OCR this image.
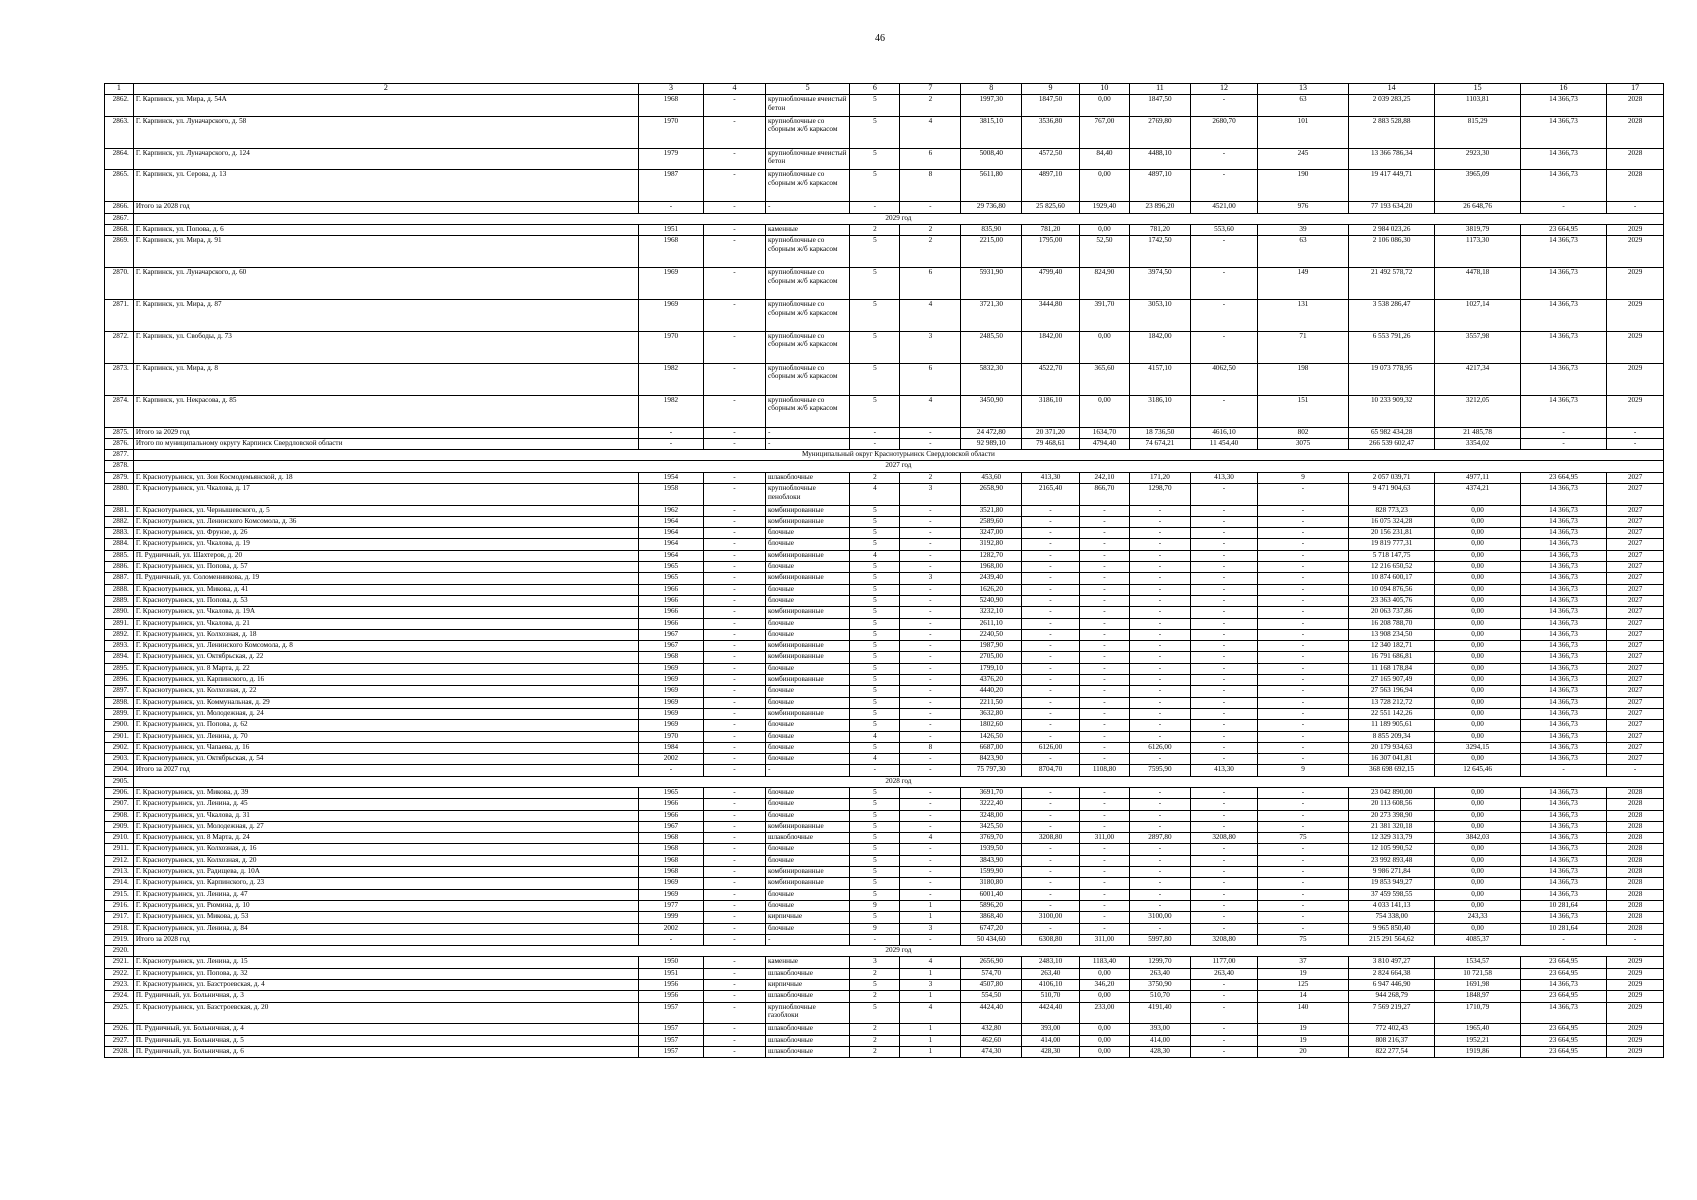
46
1	2	3	4	5	6	7	8	9	10	11	12	13	14	15	16	17
2862.	Г. Карпинск, ул. Мира, д. 54А	1968	-	крупноблочные ячеистый бетон	5	2	1997,30	1847,50	0,00	1847,50	-	63	2 039 283,25	1103,81	14 366,73	2028
2863.	Г. Карпинск, ул. Луначарского, д. 58	1970	-	крупноблочные со сборным ж/б каркасом	5	4	3815,10	3536,80	767,00	2769,80	2680,70	101	2 883 528,88	815,29	14 366,73	2028
2864.	Г. Карпинск, ул. Луначарского, д. 124	1979	-	крупноблочные ячеистый бетон	5	6	5008,40	4572,50	84,40	4488,10	-	245	13 366 786,34	2923,30	14 366,73	2028
2865.	Г. Карпинск, ул. Серова, д. 13	1987	-	крупноблочные со сборным ж/б каркасом	5	8	5611,80	4897,10	0,00	4897,10	-	190	19 417 449,71	3965,09	14 366,73	2028
2866.	Итого за 2028 год	-	-	-	-	-	29 736,80	25 825,60	1929,40	23 896,20	4521,00	976	77 193 634,20	26 648,76	-	-
2867.	2029 год															
2868.	Г. Карпинск, ул. Попова, д. 6	1951	-	каменные	2	2	835,90	781,20	0,00	781,20	553,60	39	2 984 023,26	3819,79	23 664,95	2029
2869.	Г. Карпинск, ул. Мира, д. 91	1968	-	крупноблочные со сборным ж/б каркасом	5	2	2215,00	1795,00	52,50	1742,50	-	63	2 106 086,30	1173,30	14 366,73	2029
2870.	Г. Карпинск, ул. Луначарского, д. 60	1969	-	крупноблочные со сборным ж/б каркасом	5	6	5931,90	4799,40	824,90	3974,50	-	149	21 492 578,72	4478,18	14 366,73	2029
2871.	Г. Карпинск, ул. Мира, д. 87	1969	-	крупноблочные со сборным ж/б каркасом	5	4	3721,30	3444,80	391,70	3053,10	-	131	3 538 286,47	1027,14	14 366,73	2029
2872.	Г. Карпинск, ул. Свободы, д. 73	1970	-	крупноблочные со сборным ж/б каркасом	5	3	2485,50	1842,00	0,00	1842,00	-	71	6 553 791,26	3557,98	14 366,73	2029
2873.	Г. Карпинск, ул. Мира, д. 8	1982	-	крупноблочные со сборным ж/б каркасом	5	6	5832,30	4522,70	365,60	4157,10	4062,50	198	19 073 778,95	4217,34	14 366,73	2029
2874.	Г. Карпинск, ул. Некрасова, д. 85	1982	-	крупноблочные со сборным ж/б каркасом	5	4	3450,90	3186,10	0,00	3186,10	-	151	10 233 909,32	3212,05	14 366,73	2029
2875.	Итого за 2029 год	-	-	-	-	-	24 472,80	20 371,20	1634,70	18 736,50	4616,10	802	65 982 434,28	21 485,78	-	-
2876.	Итого по муниципальному округу Карпинск Свердловской области	-	-	-	-	-	92 989,10	79 468,61	4794,40	74 674,21	11 454,40	3075	266 539 602,47	3354,02	-	-
2877.	Муниципальный округ Краснотурьинск Свердловской области															
2878.	2027 год															
2879.	Г. Краснотурьинск, ул. Зои Космодемьянской, д. 18	1954	-	шлакоблочные	2	2	453,60	413,30	242,10	171,20	413,30	9	2 057 039,71	4977,11	23 664,95	2027
2880.	Г. Краснотурьинск, ул. Чкалова, д. 17	1958	-	крупноблочные пеноблоки	4	3	2658,90	2165,40	866,70	1298,70	-	-	9 471 904,63	4374,21	14 366,73	2027
2881.	Г. Краснотурьинск, ул. Чернышевского, д. 5	1962	-	комбинированные	5	-	3521,80	-	-	-	-	-	828 773,23	0,00	14 366,73	2027
2882.	Г. Краснотурьинск, ул. Ленинского Комсомола, д. 36	1964	-	комбинированные	5	-	2589,60	-	-	-	-	-	16 075 324,28	0,00	14 366,73	2027
2883.	Г. Краснотурьинск, ул. Фрунзе, д. 26	1964	-	блочные	5	-	3247,00	-	-	-	-	-	20 156 231,81	0,00	14 366,73	2027
2884.	Г. Краснотурьинск, ул. Чкалова, д. 19	1964	-	блочные	5	-	3192,80	-	-	-	-	-	19 819 777,31	0,00	14 366,73	2027
2885.	П. Рудничный, ул. Шахтеров, д. 20	1964	-	комбинированные	4	-	1282,70	-	-	-	-	-	5 718 147,75	0,00	14 366,73	2027
2886.	Г. Краснотурьинск, ул. Попова, д. 57	1965	-	блочные	5	-	1968,00	-	-	-	-	-	12 216 650,52	0,00	14 366,73	2027
2887.	П. Рудничный, ул. Соломенникова, д. 19	1965	-	комбинированные	5	3	2439,40	-	-	-	-	-	10 874 600,17	0,00	14 366,73	2027
2888.	Г. Краснотурьинск, ул. Микова, д. 41	1966	-	блочные	5	-	1626,20	-	-	-	-	-	10 094 876,56	0,00	14 366,73	2027
2889.	Г. Краснотурьинск, ул. Попова, д. 53	1966	-	блочные	5	-	5240,90	-	-	-	-	-	23 363 405,76	0,00	14 366,73	2027
2890.	Г. Краснотурьинск, ул. Чкалова, д. 19А	1966	-	комбинированные	5	-	3232,10	-	-	-	-	-	20 063 737,86	0,00	14 366,73	2027
2891.	Г. Краснотурьинск, ул. Чкалова, д. 21	1966	-	блочные	5	-	2611,10	-	-	-	-	-	16 208 788,70	0,00	14 366,73	2027
2892.	Г. Краснотурьинск, ул. Колхозная, д. 18	1967	-	блочные	5	-	2240,50	-	-	-	-	-	13 908 234,50	0,00	14 366,73	2027
2893.	Г. Краснотурьинск, ул. Ленинского Комсомола, д. 8	1967	-	комбинированные	5	-	1987,90	-	-	-	-	-	12 340 182,71	0,00	14 366,73	2027
2894.	Г. Краснотурьинск, ул. Октябрьская, д. 22	1968	-	комбинированные	5	-	2705,00	-	-	-	-	-	16 791 686,81	0,00	14 366,73	2027
2895.	Г. Краснотурьинск, ул. 8 Марта, д. 22	1969	-	блочные	5	-	1799,10	-	-	-	-	-	11 168 178,84	0,00	14 366,73	2027
2896.	Г. Краснотурьинск, ул. Карпинского, д. 16	1969	-	комбинированные	5	-	4376,20	-	-	-	-	-	27 165 907,49	0,00	14 366,73	2027
2897.	Г. Краснотурьинск, ул. Колхозная, д. 22	1969	-	блочные	5	-	4440,20	-	-	-	-	-	27 563 196,94	0,00	14 366,73	2027
2898.	Г. Краснотурьинск, ул. Коммунальная, д. 29	1969	-	блочные	5	-	2211,50	-	-	-	-	-	13 728 212,72	0,00	14 366,73	2027
2899.	Г. Краснотурьинск, ул. Молодежная, д. 24	1969	-	комбинированные	5	-	3632,80	-	-	-	-	-	22 551 142,26	0,00	14 366,73	2027
2900.	Г. Краснотурьинск, ул. Попова, д. 62	1969	-	блочные	5	-	1802,60	-	-	-	-	-	11 189 905,61	0,00	14 366,73	2027
2901.	Г. Краснотурьинск, ул. Ленина, д. 70	1970	-	блочные	4	-	1426,50	-	-	-	-	-	8 855 209,34	0,00	14 366,73	2027
2902.	Г. Краснотурьинск, ул. Чапаева, д. 16	1984	-	блочные	5	8	6687,00	6126,00	-	6126,00	-	-	20 179 934,63	3294,15	14 366,73	2027
2903.	Г. Краснотурьинск, ул. Октябрьская, д. 54	2002	-	блочные	4	-	8423,90	-	-	-	-	-	16 307 041,81	0,00	14 366,73	2027
2904.	Итого за 2027 год	-	-	-	-	-	75 797,30	8704,70	1108,80	7595,90	413,30	9	368 698 692,15	12 645,46	-	-
2905.	2028 год															
2906.	Г. Краснотурьинск, ул. Микова, д. 39	1965	-	блочные	5	-	3691,70	-	-	-	-	-	23 042 890,00	0,00	14 366,73	2028
2907.	Г. Краснотурьинск, ул. Ленина, д. 45	1966	-	блочные	5	-	3222,40	-	-	-	-	-	20 113 608,56	0,00	14 366,73	2028
2908.	Г. Краснотурьинск, ул. Чкалова, д. 31	1966	-	блочные	5	-	3248,00	-	-	-	-	-	20 273 398,90	0,00	14 366,73	2028
2909.	Г. Краснотурьинск, ул. Молодежная, д. 27	1967	-	комбинированные	5	-	3425,50	-	-	-	-	-	21 381 320,18	0,00	14 366,73	2028
2910.	Г. Краснотурьинск, ул. 8 Марта, д. 24	1968	-	шлакоблочные	5	4	3769,70	3208,80	311,00	2897,80	3208,80	75	12 329 313,79	3842,03	14 366,73	2028
2911.	Г. Краснотурьинск, ул. Колхозная, д. 16	1968	-	блочные	5	-	1939,50	-	-	-	-	-	12 105 990,52	0,00	14 366,73	2028
2912.	Г. Краснотурьинск, ул. Колхозная, д. 20	1968	-	блочные	5	-	3843,90	-	-	-	-	-	23 992 893,48	0,00	14 366,73	2028
2913.	Г. Краснотурьинск, ул. Радищева, д. 10А	1968	-	комбинированные	5	-	1599,90	-	-	-	-	-	9 986 271,84	0,00	14 366,73	2028
2914.	Г. Краснотурьинск, ул. Карпинского, д. 23	1969	-	комбинированные	5	-	3180,80	-	-	-	-	-	19 853 949,27	0,00	14 366,73	2028
2915.	Г. Краснотурьинск, ул. Ленина, д. 47	1969	-	блочные	5	-	6001,40	-	-	-	-	-	37 459 598,55	0,00	14 366,73	2028
2916.	Г. Краснотурьинск, ул. Рюмина, д. 10	1977	-	блочные	9	1	5896,20	-	-	-	-	-	4 033 141,13	0,00	10 281,64	2028
2917.	Г. Краснотурьинск, ул. Микова, д. 53	1999	-	кирпичные	5	1	3868,40	3100,00	-	3100,00	-	-	754 338,00	243,33	14 366,73	2028
2918.	Г. Краснотурьинск, ул. Ленина, д. 84	2002	-	блочные	9	3	6747,20	-	-	-	-	-	9 965 850,40	0,00	10 281,64	2028
2919.	Итого за 2028 год	-	-	-	-	-	50 434,60	6308,80	311,00	5997,80	3208,80	75	215 291 564,62	4085,37	-	-
2920.	2029 год															
2921.	Г. Краснотурьинск, ул. Ленина, д. 15	1950	-	каменные	3	4	2656,90	2483,10	1183,40	1299,70	1177,00	37	3 810 497,27	1534,57	23 664,95	2029
2922.	Г. Краснотурьинск, ул. Попова, д. 32	1951	-	шлакоблочные	2	1	574,70	263,40	0,00	263,40	263,40	19	2 824 664,38	10 721,58	23 664,95	2029
2923.	Г. Краснотурьинск, ул. Базстроевская, д. 4	1956	-	кирпичные	5	3	4507,80	4106,10	346,20	3750,90	-	125	6 947 446,90	1691,98	14 366,73	2029
2924.	П. Рудничный, ул. Больничная, д. 3	1956	-	шлакоблочные	2	1	554,50	510,70	0,00	510,70	-	14	944 268,79	1848,97	23 664,95	2029
2925.	Г. Краснотурьинск, ул. Базстроевская, д. 20	1957	-	крупноблочные газоблоки	5	4	4424,40	4424,40	233,00	4191,40	-	140	7 569 219,27	1710,79	14 366,73	2029
2926.	П. Рудничный, ул. Больничная, д. 4	1957	-	шлакоблочные	2	1	432,80	393,00	0,00	393,00	-	19	772 402,43	1965,40	23 664,95	2029
2927.	П. Рудничный, ул. Больничная, д. 5	1957	-	шлакоблочные	2	1	462,60	414,00	0,00	414,00	-	19	808 216,37	1952,21	23 664,95	2029
2928.	П. Рудничный, ул. Больничная, д. 6	1957	-	шлакоблочные	2	1	474,30	428,30	0,00	428,30	-	20	822 277,54	1919,86	23 664,95	2029
